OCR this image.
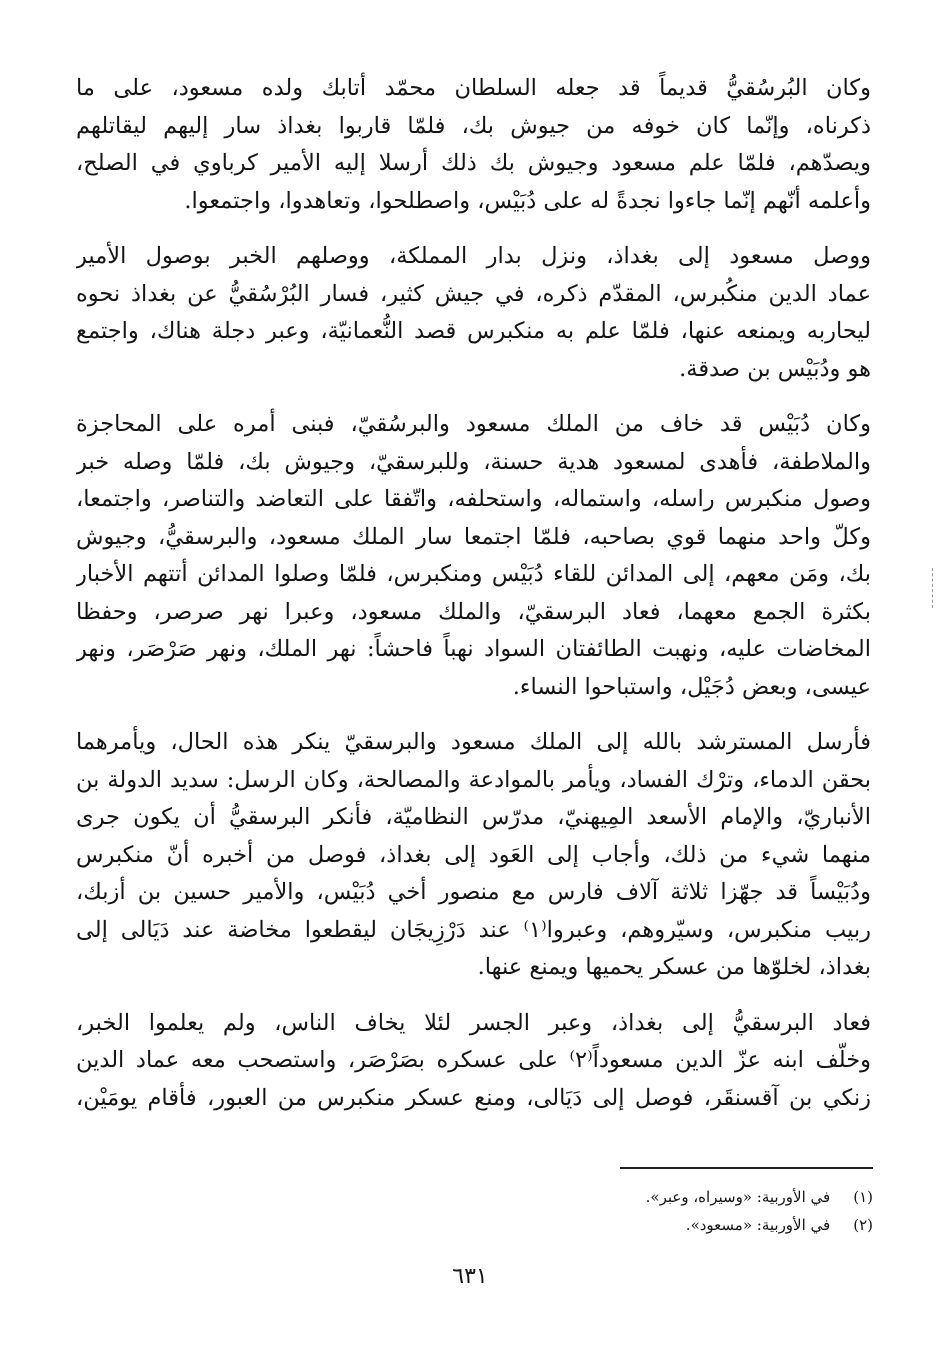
وكان البُرسُقيُّ قديماً قد جعله السلطان محمّد أتابك ولده مسعود، على ما
ذكرناه، وإنّما كان خوفه من جيوش بك، فلمّا قاربوا بغداذ سار إليهم ليقاتلهم
ويصدّهم، فلمّا علم مسعود وجيوش بك ذلك أرسلا إليه الأمير كرباوي في الصلح،
وأعلمه أنّهم إنّما جاءوا نجدةً له على دُبَيْس، واصطلحوا، وتعاهدوا، واجتمعوا.

ووصل مسعود إلى بغداذ، ونزل بدار المملكة، ووصلهم الخبر بوصول الأمير
عماد الدين منكُبرس، المقدّم ذكره، في جيش كثير، فسار البُرْسُقيُّ عن بغداذ نحوه
ليحاربه ويمنعه عنها، فلمّا علم به منكبرس قصد النُّعمانيّة، وعبر دجلة هناك، واجتمع
هو ودُبَيْس بن صدقة.

وكان دُبَيْس قد خاف من الملك مسعود والبرسُقيّ، فبنى أمره على المحاجزة
والملاطفة، فأهدى لمسعود هدية حسنة، وللبرسقيّ، وجيوش بك، فلمّا وصله خبر
وصول منكبرس راسله، واستماله، واستحلفه، واتّفقا على التعاضد والتناصر، واجتمعا،
وكلّ واحد منهما قوي بصاحبه، فلمّا اجتمعا سار الملك مسعود، والبرسقيُّ، وجيوش
بك، ومَن معهم، إلى المدائن للقاء دُبَيْس ومنكبرس، فلمّا وصلوا المدائن أتتهم الأخبار
بكثرة الجمع معهما، فعاد البرسقيّ، والملك مسعود، وعبرا نهر صرصر، وحفظا
المخاضات عليه، ونهبت الطائفتان السواد نهباً فاحشاً: نهر الملك، ونهر صَرْصَر، ونهر
عيسى، وبعض دُجَيْل، واستباحوا النساء.

فأرسل المسترشد بالله إلى الملك مسعود والبرسقيّ ينكر هذه الحال، ويأمرهما
بحقن الدماء، وترْك الفساد، ويأمر بالموادعة والمصالحة، وكان الرسل: سديد الدولة بن
الأنباريّ، والإمام الأسعد المِيهنيّ، مدرّس النظاميّة، فأنكر البرسقيُّ أن يكون جرى
منهما شيء من ذلك، وأجاب إلى العَود إلى بغداذ، فوصل من أخبره أنّ منكبرس
ودُبَيْساً قد جهّزا ثلاثة آلاف فارس مع منصور أخي دُبَيْس، والأمير حسين بن أزبك،
ربيب منكبرس، وسيّروهم، وعبروا⁽١⁾ عند دَرْزِيجَان ليقطعوا مخاضة عند دَيَالى إلى
بغداذ، لخلوّها من عسكر يحميها ويمنع عنها.

فعاد البرسقيُّ إلى بغداذ، وعبر الجسر لئلا يخاف الناس، ولم يعلموا الخبر،
وخلّف ابنه عزّ الدين مسعوداً⁽٢⁾ على عسكره بصَرْصَر، واستصحب معه عماد الدين
زنكي بن آقسنقَر، فوصل إلى دَيَالى، ومنع عسكر منكبرس من العبور، فأقام يومَيْن،

(١) في الأوربية: «وسيراه، وعبر».
(٢) في الأوربية: «مسعود».
٦٣١
